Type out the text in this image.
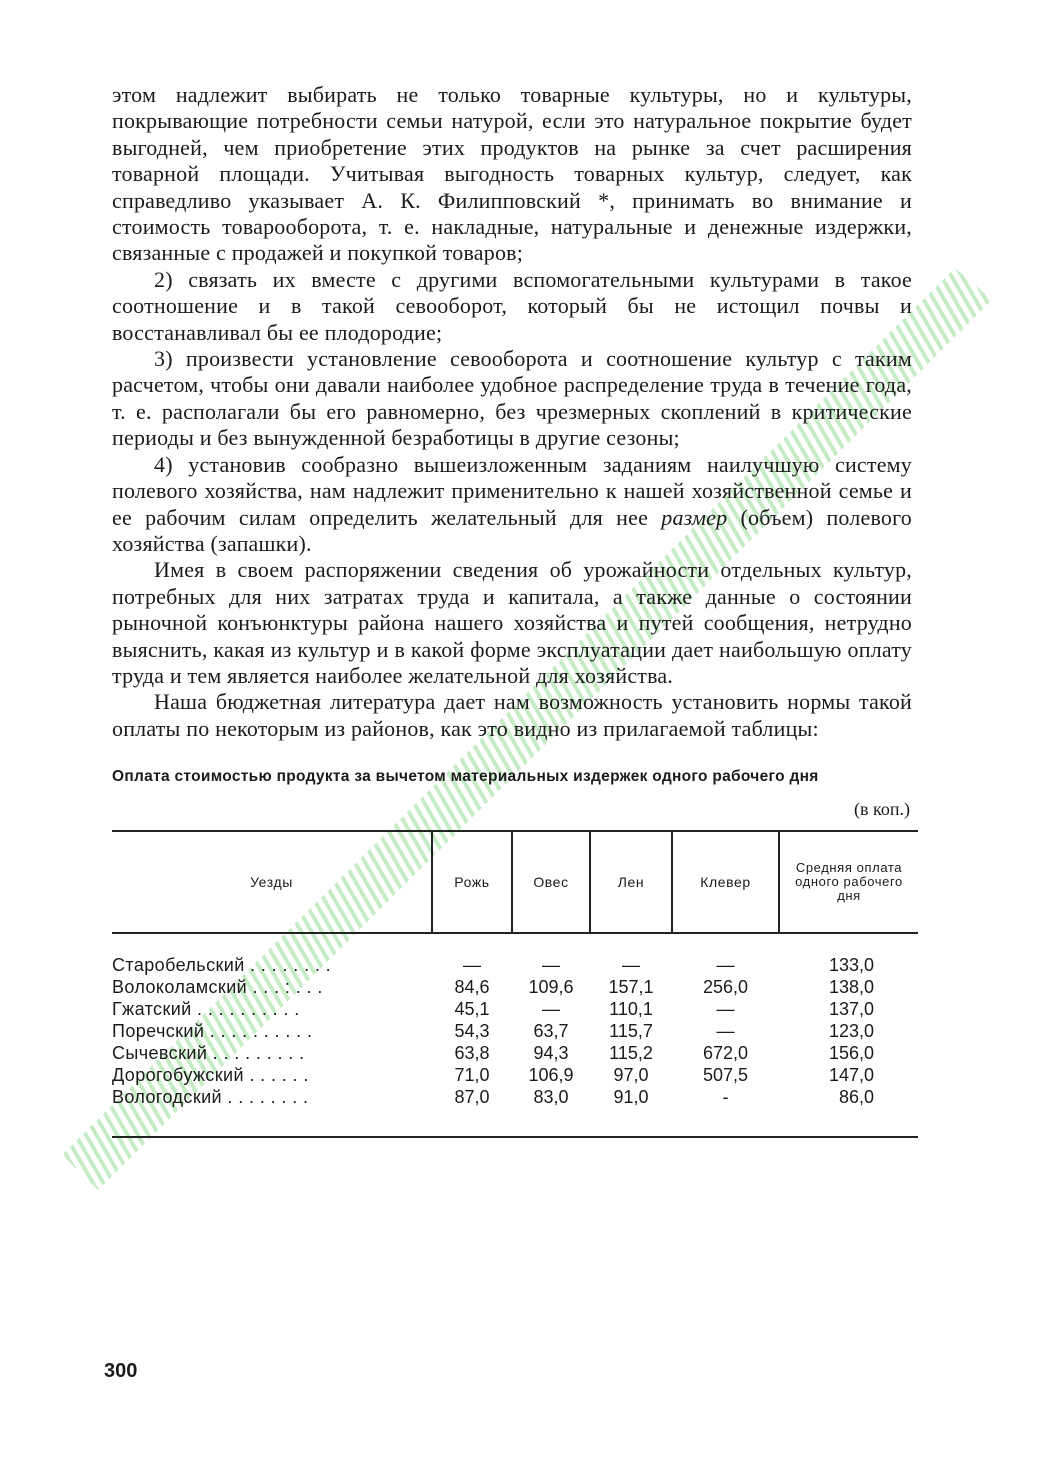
этом надлежит выбирать не только товарные культуры, но и культуры, покрывающие потребности семьи натурой, если это натуральное покрытие будет выгодней, чем приобретение этих продуктов на рынке за счет расширения товарной площади. Учитывая выгодность товарных культур, следует, как справедливо указывает А. К. Филипповский *, принимать во внимание и стоимость товарооборота, т. е. накладные, натуральные и денежные издержки, связанные с продажей и покупкой товаров;

2) связать их вместе с другими вспомогательными культурами в такое соотношение и в такой севооборот, который бы не истощил почвы и восстанавливал бы ее плодородие;

3) произвести установление севооборота и соотношение культур с таким расчетом, чтобы они давали наиболее удобное распределение труда в течение года, т. е. располагали бы его равномерно, без чрезмерных скоплений в критические периоды и без вынужденной безработицы в другие сезоны;

4) установив сообразно вышеизложенным заданиям наилучшую систему полевого хозяйства, нам надлежит применительно к нашей хозяйственной семье и ее рабочим силам определить желательный для нее размер (объем) полевого хозяйства (запашки).

Имея в своем распоряжении сведения об урожайности отдельных культур, потребных для них затратах труда и капитала, а также данные о состоянии рыночной конъюнктуры района нашего хозяйства и путей сообщения, нетрудно выяснить, какая из культур и в какой форме эксплуатации дает наибольшую оплату труда и тем является наиболее желательной для хозяйства.

Наша бюджетная литература дает нам возможность установить нормы такой оплаты по некоторым из районов, как это видно из прилагаемой таблицы:

Оплата стоимостью продукта за вычетом материальных издержек одного рабочего дня
(в коп.)
Уезды	Рожь	Овес	Лен	Клевер	Средняя оплата одного рабочего дня

Старобельский . . . . . . . .	—	—	—	—	133,0
Волоколамский . . . : . . .	84,6	109,6	157,1	256,0	138,0
Гжатский . . . . . . . . . .	45,1	—	110,1	—	137,0
Поречский . . . . . . . . . .	54,3	63,7	115,7	—	123,0
Сычевский . . . . . . . . .	63,8	94,3	115,2	672,0	156,0
Дорогобужский . . . . . .	71,0	106,9	97,0	507,5	147,0
Вологодский . . . . . . . .	87,0	83,0	91,0	-	86,0
300
